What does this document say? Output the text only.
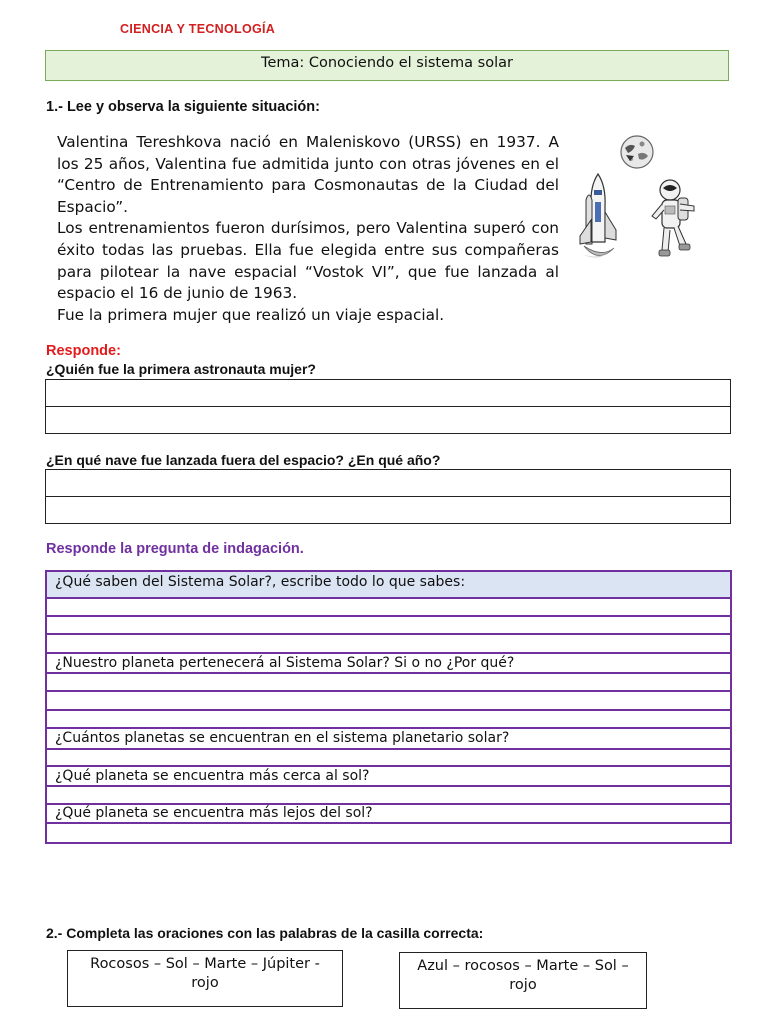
CIENCIA Y TECNOLOGÍA
Tema: Conociendo el sistema solar
1.- Lee y observa la siguiente situación:

Valentina Tereshkova nació en Maleniskovo (URSS) en 1937. A los 25 años, Valentina fue admitida junto con otras jóvenes en el “Centro de Entrenamiento para Cosmonautas de la Ciudad del Espacio”.

Los entrenamientos fueron durísimos, pero Valentina superó con éxito todas las pruebas. Ella fue elegida entre sus compañeras para pilotear la nave espacial “Vostok VI”, que fue lanzada al espacio el 16 de junio de 1963.

Fue la primera mujer que realizó un viaje espacial.

Responde:
¿Quién fue la primera astronauta mujer?
¿En qué nave fue lanzada fuera del espacio? ¿En qué año?
Responde la pregunta de indagación.
¿Qué saben del Sistema Solar?, escribe todo lo que sabes:
¿Nuestro planeta pertenecerá al Sistema Solar? Si o no ¿Por qué?
¿Cuántos planetas se encuentran en el sistema planetario solar?
¿Qué planeta se encuentra más cerca al sol?
¿Qué planeta se encuentra más lejos del sol?
2.- Completa las oraciones con las palabras de la casilla correcta:
Rocosos – Sol – Marte – Júpiter - rojo
Azul – rocosos – Marte – Sol – rojo
